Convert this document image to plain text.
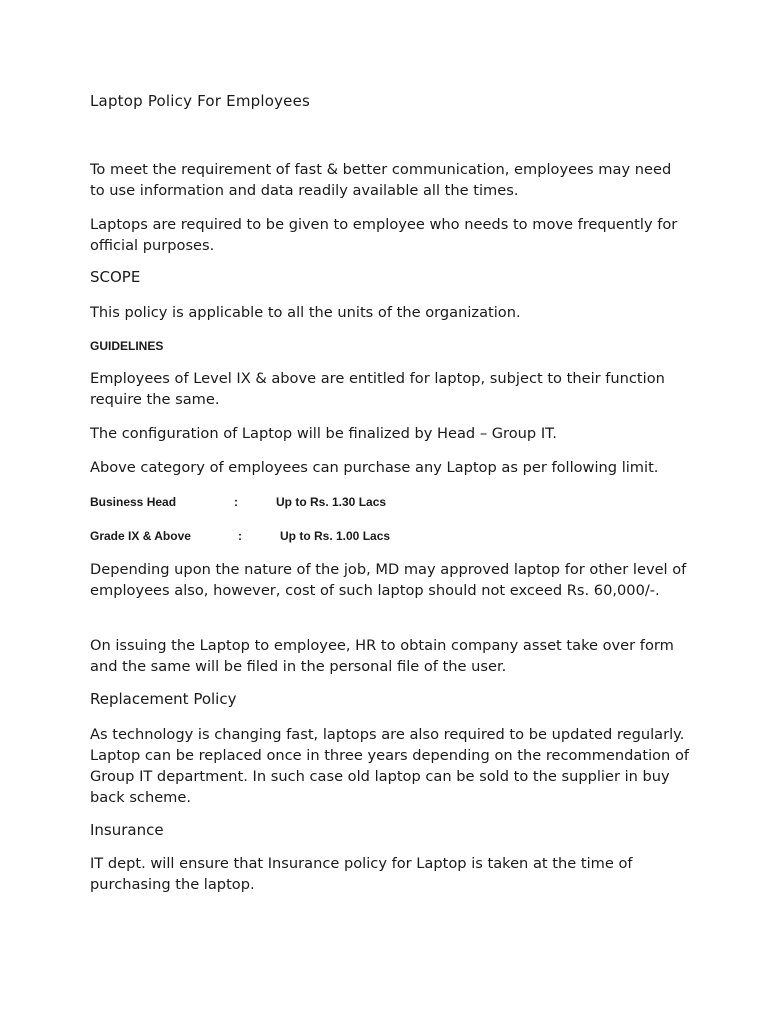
Laptop Policy For Employees

To meet the requirement of fast & better communication, employees may need to use information and data readily available all the times.

Laptops are required to be given to employee who needs to move frequently for official purposes.

SCOPE

This policy is applicable to all the units of the organization.

GUIDELINES

Employees of Level IX & above are entitled for laptop, subject to their function require the same.

The configuration of Laptop will be finalized by Head – Group IT.

Above category of employees can purchase any Laptop as per following limit.

Business Head	:	Up to Rs. 1.30 Lacs
Grade IX & Above	:	Up to Rs. 1.00 Lacs

Depending upon the nature of the job, MD may approved laptop for other level of employees also, however, cost of such laptop should not exceed Rs. 60,000/-.

On issuing the Laptop to employee, HR to obtain company asset take over form and the same will be filed in the personal file of the user.

Replacement Policy

As technology is changing fast, laptops are also required to be updated regularly. Laptop can be replaced once in three years depending on the recommendation of Group IT department. In such case old laptop can be sold to the supplier in buy back scheme.

Insurance

IT dept. will ensure that Insurance policy for Laptop is taken at the time of purchasing the laptop.
